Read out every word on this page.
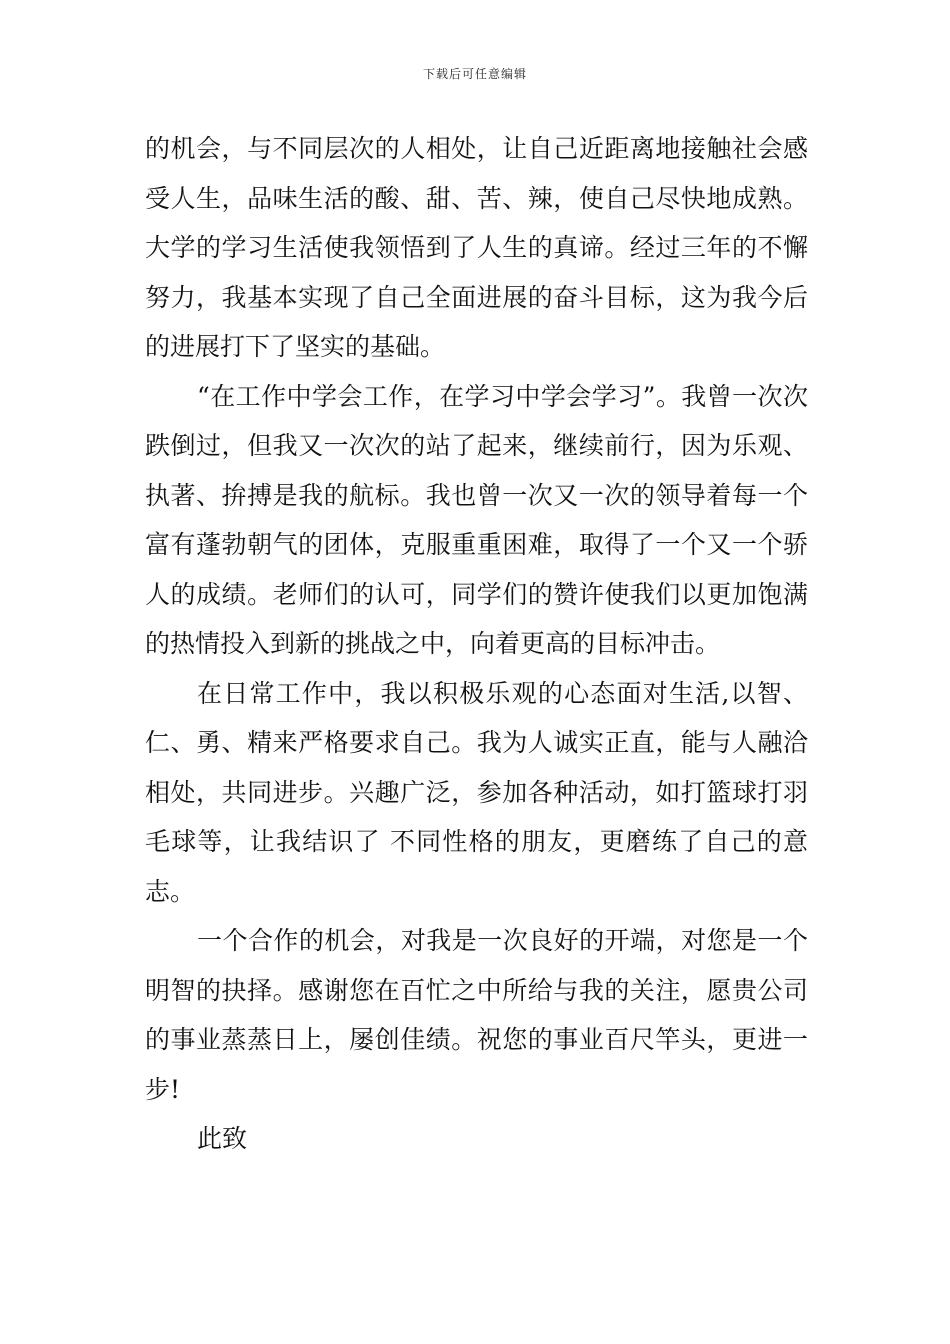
下载后可任意编辑

的机会，与不同层次的人相处，让自己近距离地接触社会感受人生，品味生活的酸、甜、苦、辣，使自己尽快地成熟。大学的学习生活使我领悟到了人生的真谛。经过三年的不懈努力，我基本实现了自己全面进展的奋斗目标，这为我今后的进展打下了坚实的基础。

“在工作中学会工作，在学习中学会学习”。我曾一次次跌倒过，但我又一次次的站了起来，继续前行，因为乐观、执著、拚搏是我的航标。我也曾一次又一次的领导着每一个富有蓬勃朝气的团体，克服重重困难，取得了一个又一个骄人的成绩。老师们的认可，同学们的赞许使我们以更加饱满的热情投入到新的挑战之中，向着更高的目标冲击。

在日常工作中，我以积极乐观的心态面对生活,以智、仁、勇、精来严格要求自己。我为人诚实正直，能与人融洽相处，共同进步。兴趣广泛，参加各种活动，如打篮球打羽毛球等，让我结识了 不同性格的朋友，更磨练了自己的意志。

一个合作的机会，对我是一次良好的开端，对您是一个明智的抉择。感谢您在百忙之中所给与我的关注，愿贵公司的事业蒸蒸日上，屡创佳绩。祝您的事业百尺竿头，更进一步!

此致
